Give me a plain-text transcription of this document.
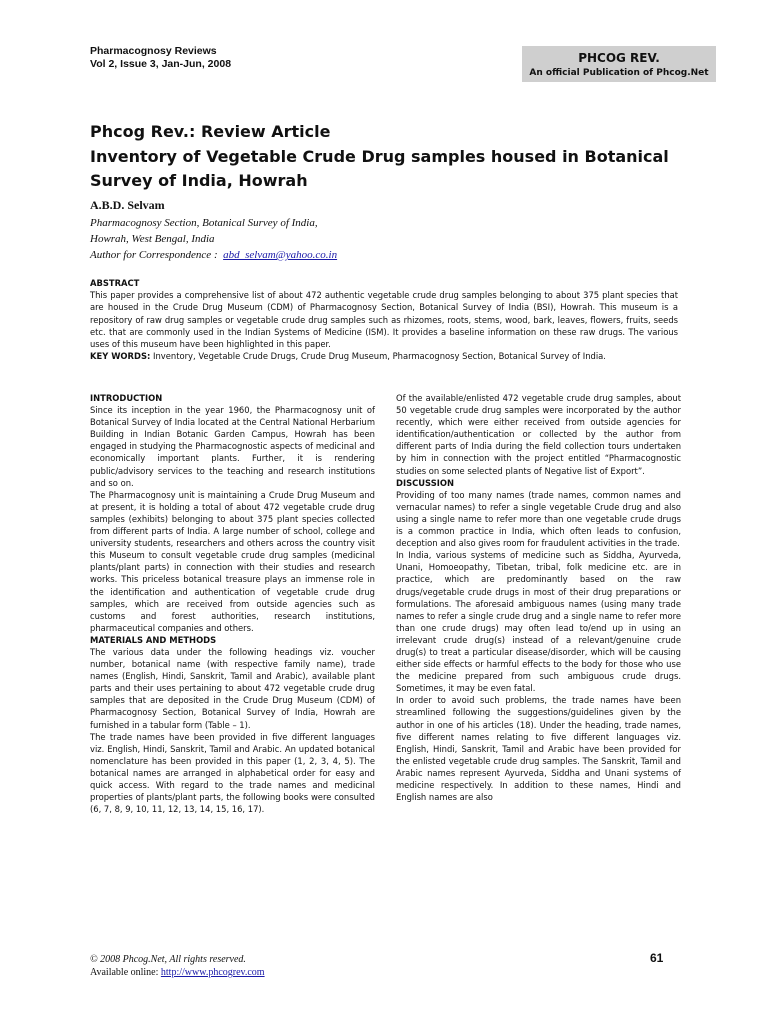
Pharmacognosy Reviews
Vol 2, Issue 3, Jan-Jun, 2008	PHCOG REV.
An official Publication of Phcog.Net
Phcog Rev.: Review Article
Inventory of Vegetable Crude Drug samples housed in Botanical Survey of India, Howrah
A.B.D. Selvam
Pharmacognosy Section, Botanical Survey of India,
Howrah, West Bengal, India
Author for Correspondence : abd_selvam@yahoo.co.in
ABSTRACT

This paper provides a comprehensive list of about 472 authentic vegetable crude drug samples belonging to about 375 plant species that are housed in the Crude Drug Museum (CDM) of Pharmacognosy Section, Botanical Survey of India (BSI), Howrah. This museum is a repository of raw drug samples or vegetable crude drug samples such as rhizomes, roots, stems, wood, bark, leaves, flowers, fruits, seeds etc. that are commonly used in the Indian Systems of Medicine (ISM). It provides a baseline information on these raw drugs. The various uses of this museum have been highlighted in this paper.

KEY WORDS: Inventory, Vegetable Crude Drugs, Crude Drug Museum, Pharmacognosy Section, Botanical Survey of India.

INTRODUCTION

Since its inception in the year 1960, the Pharmacognosy unit of Botanical Survey of India located at the Central National Herbarium Building in Indian Botanic Garden Campus, Howrah has been engaged in studying the Pharmacognostic aspects of medicinal and economically important plants. Further, it is rendering public/advisory services to the teaching and research institutions and so on.

The Pharmacognosy unit is maintaining a Crude Drug Museum and at present, it is holding a total of about 472 vegetable crude drug samples (exhibits) belonging to about 375 plant species collected from different parts of India. A large number of school, college and university students, researchers and others across the country visit this Museum to consult vegetable crude drug samples (medicinal plants/plant parts) in connection with their studies and research works. This priceless botanical treasure plays an immense role in the identification and authentication of vegetable crude drug samples, which are received from outside agencies such as customs and forest authorities, research institutions, pharmaceutical companies and others.

MATERIALS AND METHODS

The various data under the following headings viz. voucher number, botanical name (with respective family name), trade names (English, Hindi, Sanskrit, Tamil and Arabic), available plant parts and their uses pertaining to about 472 vegetable crude drug samples that are deposited in the Crude Drug Museum (CDM) of Pharmacognosy Section, Botanical Survey of India, Howrah are furnished in a tabular form (Table – 1).

The trade names have been provided in five different languages viz. English, Hindi, Sanskrit, Tamil and Arabic. An updated botanical nomenclature has been provided in this paper (1, 2, 3, 4, 5). The botanical names are arranged in alphabetical order for easy and quick access. With regard to the trade names and medicinal properties of plants/plant parts, the following books were consulted (6, 7, 8, 9, 10, 11, 12, 13, 14, 15, 16, 17).

Of the available/enlisted 472 vegetable crude drug samples, about 50 vegetable crude drug samples were incorporated by the author recently, which were either received from outside agencies for identification/authentication or collected by the author from different parts of India during the field collection tours undertaken by him in connection with the project entitled “Pharmacognostic studies on some selected plants of Negative list of Export”.

DISCUSSION

Providing of too many names (trade names, common names and vernacular names) to refer a single vegetable Crude drug and also using a single name to refer more than one vegetable crude drugs is a common practice in India, which often leads to confusion, deception and also gives room for fraudulent activities in the trade.

In India, various systems of medicine such as Siddha, Ayurveda, Unani, Homoeopathy, Tibetan, tribal, folk medicine etc. are in practice, which are predominantly based on the raw drugs/vegetable crude drugs in most of their drug preparations or formulations. The aforesaid ambiguous names (using many trade names to refer a single crude drug and a single name to refer more than one crude drugs) may often lead to/end up in using an irrelevant crude drug(s) instead of a relevant/genuine crude drug(s) to treat a particular disease/disorder, which will be causing either side effects or harmful effects to the body for those who use the medicine prepared from such ambiguous crude drugs. Sometimes, it may be even fatal.

In order to avoid such problems, the trade names have been streamlined following the suggestions/guidelines given by the author in one of his articles (18). Under the heading, trade names, five different names relating to five different languages viz. English, Hindi, Sanskrit, Tamil and Arabic have been provided for the enlisted vegetable crude drug samples. The Sanskrit, Tamil and Arabic names represent Ayurveda, Siddha and Unani systems of medicine respectively. In addition to these names, Hindi and English names are also

© 2008 Phcog.Net, All rights reserved.
Available online: http://www.phcogrev.com
61
